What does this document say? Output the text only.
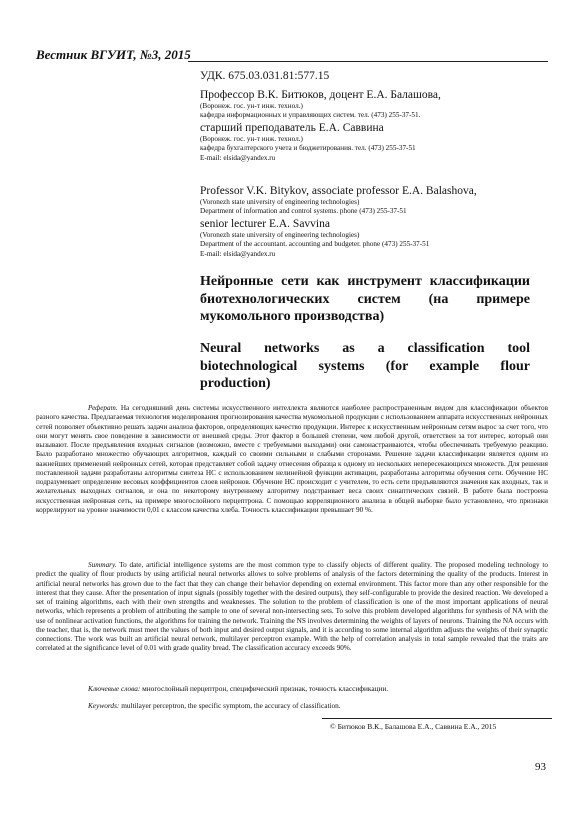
Вестник ВГУИТ, №3, 2015
УДК. 675.03.031.81:577.15
Профессор В.К. Битюков, доцент Е.А. Балашова,
(Воронеж. гос. ун-т инж. технол.)
кафедра информационных и управляющих систем. тел. (473) 255-37-51.
старший преподаватель Е.А. Саввина
(Воронеж. гос. ун-т инж. технол.)
кафедра бухгалтерского учета и бюджетирования. тел. (473) 255-37-51
E-mail: elsida@yandex.ru
Professor V.K. Bitykov, associate professor E.A. Balashova,
(Voronezh state university of engineering technologies)
Department of information and control systems. phone (473) 255-37-51
senior lecturer E.A. Savvina
(Voronezh state university of engineering technologies)
Department of the accountant. accounting and budgeter. phone (473) 255-37-51
E-mail: elsida@yandex.ru
Нейронные сети как инструмент классификации биотехнологических систем (на примере мукомольного производства)
Neural networks as a classification tool biotechnological systems (for example flour production)

Реферат. На сегодняшний день системы искусственного интеллекта являются наиболее распространенным видом для классификации объектов разного качества. Предлагаемая технология моделирования прогнозирования качества мукомольной продукции с использованием аппарата искусственных нейронных сетей позволяет объективно решать задачи анализа факторов, определяющих качество продукции. Интерес к искусственным нейронным сетям вырос за счет того, что они могут менять свое поведение в зависимости от внешней среды. Этот фактор в большей степени, чем любой другой, ответствен за тот интерес, который они вызывают. После предъявления входных сигналов (возможно, вместе с требуемыми выходами) они самонастраиваются, чтобы обеспечивать требуемую реакцию. Было разработано множество обучающих алгоритмов, каждый со своими сильными и слабыми сторонами. Решение задачи классификации является одним из важнейших применений нейронных сетей, которая представляет собой задачу отнесения образца к одному из нескольких непересекающихся множеств. Для решения поставленной задачи разработаны алгоритмы синтеза НС с использованием нелинейной функции активации, разработаны алгоритмы обучения сети. Обучение НС подразумевает определение весовых коэффициентов слоев нейронов. Обучение НС происходит с учителем, то есть сети предъявляются значения как входных, так и желательных выходных сигналов, и она по некоторому внутреннему алгоритму подстраивает веса своих синаптических связей. В работе была построена искусственная нейронная сеть, на примере многослойного перцептрона. С помощью корреляционного анализа в общей выборке было установлено, что признаки коррелируют на уровне значимости 0,01 с классом качества хлеба. Точность классификации превышает 90 %.

Summary. To date, artificial intelligence systems are the most common type to classify objects of different quality. The proposed modeling technology to predict the quality of flour products by using artificial neural networks allows to solve problems of analysis of the factors determining the quality of the products. Interest in artificial neural networks has grown due to the fact that they can change their behavior depending on external environment. This factor more than any other responsible for the interest that they cause. After the presentation of input signals (possibly together with the desired outputs), they self-configurable to provide the desired reaction. We developed a set of training algorithms, each with their own strengths and weaknesses. The solution to the problem of classification is one of the most important applications of neural networks, which represents a problem of attributing the sample to one of several non-intersecting sets. To solve this problem developed algorithms for synthesis of NA with the use of nonlinear activation functions, the algorithms for training the network. Training the NS involves determining the weights of layers of neurons. Training the NA occurs with the teacher, that is, the network must meet the values of both input and desired output signals, and it is according to some internal algorithm adjusts the weights of their synaptic connections. The work was built an artificial neural network, multilayer perceptron example. With the help of correlation analysis in total sample revealed that the traits are correlated at the significance level of 0.01 with grade quality bread. The classification accuracy exceeds 90%.

Ключевые слова: многослойный перцептрон, специфический признак, точность классификации.
Keywords: multilayer perceptron, the specific symptom, the accuracy of classification.
© Битюков В.К., Балашова Е.А., Саввина Е.А., 2015
93
